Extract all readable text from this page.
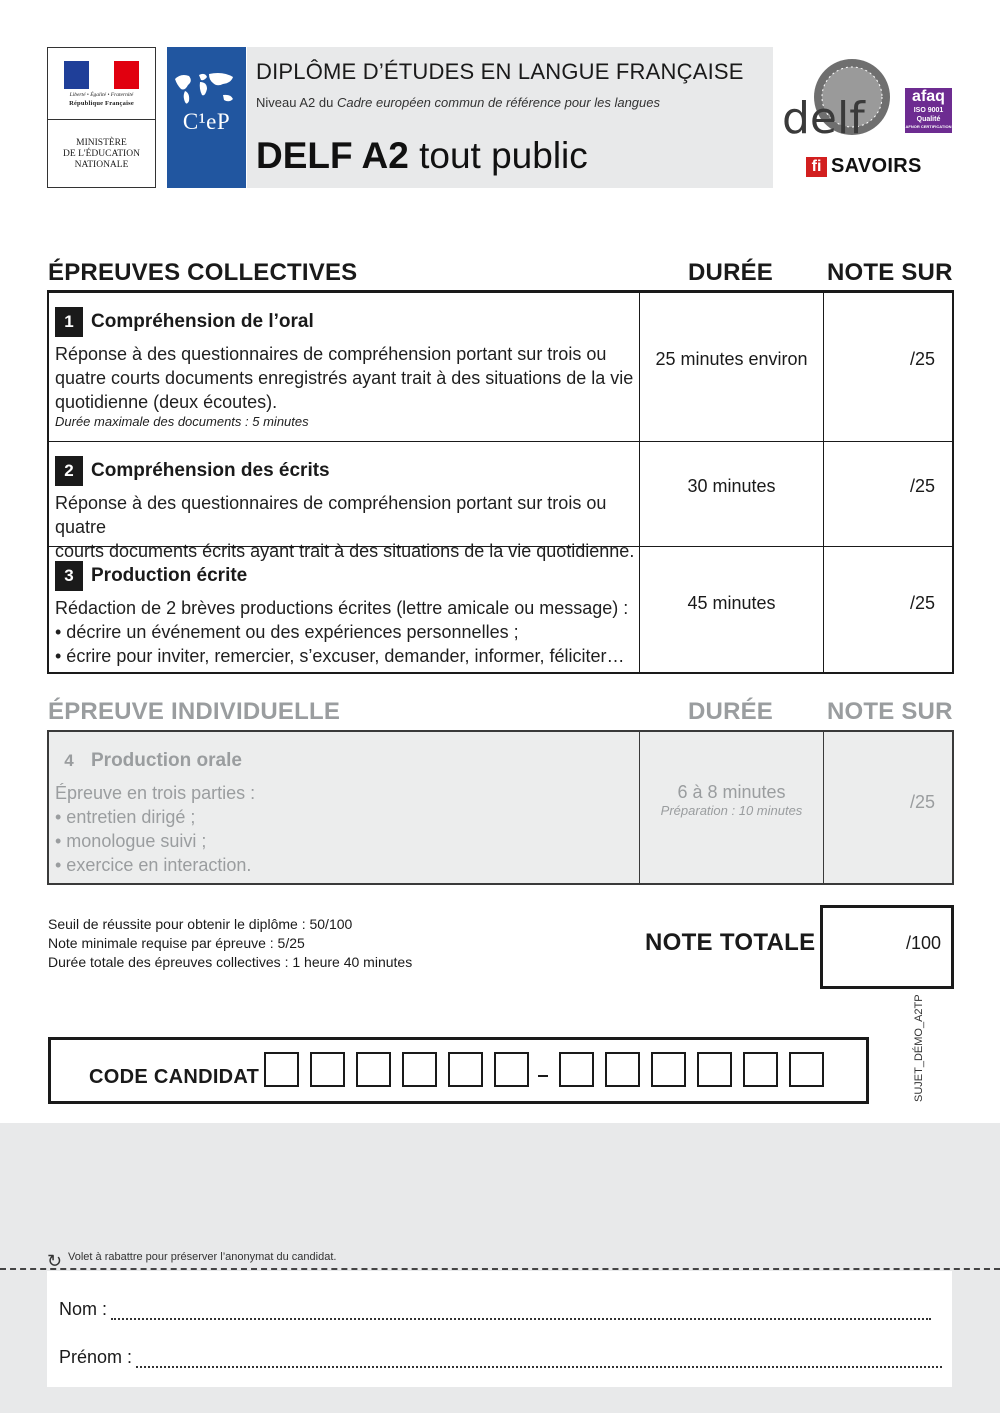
Liberté • Égalité • Fraternité
République Française
MINISTÈRE
DE L'ÉDUCATION
NATIONALE
C¹eP
DIPLÔME D’ÉTUDES EN LANGUE FRANÇAISE
Niveau A2 du Cadre européen commun de référence pour les langues
DELF A2 tout public
delf	afaq
ISO 9001
Qualité
AFNOR CERTIFICATION
fi SAVOIRS
ÉPREUVES COLLECTIVES	DURÉE NOTE SUR
1 Compréhension de l’oral
Réponse à des questionnaires de compréhension portant sur trois ou
quatre courts documents enregistrés ayant trait à des situations de la vie
quotidienne (deux écoutes).
Durée maximale des documents : 5 minutes
25 minutes environ	/25
2 Compréhension des écrits
Réponse à des questionnaires de compréhension portant sur trois ou quatre
courts documents écrits ayant trait à des situations de la vie quotidienne.
30 minutes	/25
3 Production écrite
Rédaction de 2 brèves productions écrites (lettre amicale ou message) :
• décrire un événement ou des expériences personnelles ;
• écrire pour inviter, remercier, s’excuser, demander, informer, féliciter…
45 minutes	/25
ÉPREUVE INDIVIDUELLE	DURÉE NOTE SUR
4 Production orale
Épreuve en trois parties :
• entretien dirigé ;
• monologue suivi ;
• exercice en interaction.
6 à 8 minutes
Préparation : 10 minutes	/25
Seuil de réussite pour obtenir le diplôme : 50/100
Note minimale requise par épreuve : 5/25
Durée totale des épreuves collectives : 1 heure 40 minutes
NOTE TOTALE	/100
SUJET_DÉMO_A2TP
CODE CANDIDAT
↻ Volet à rabattre pour préserver l’anonymat du candidat.
Nom :
Prénom :
